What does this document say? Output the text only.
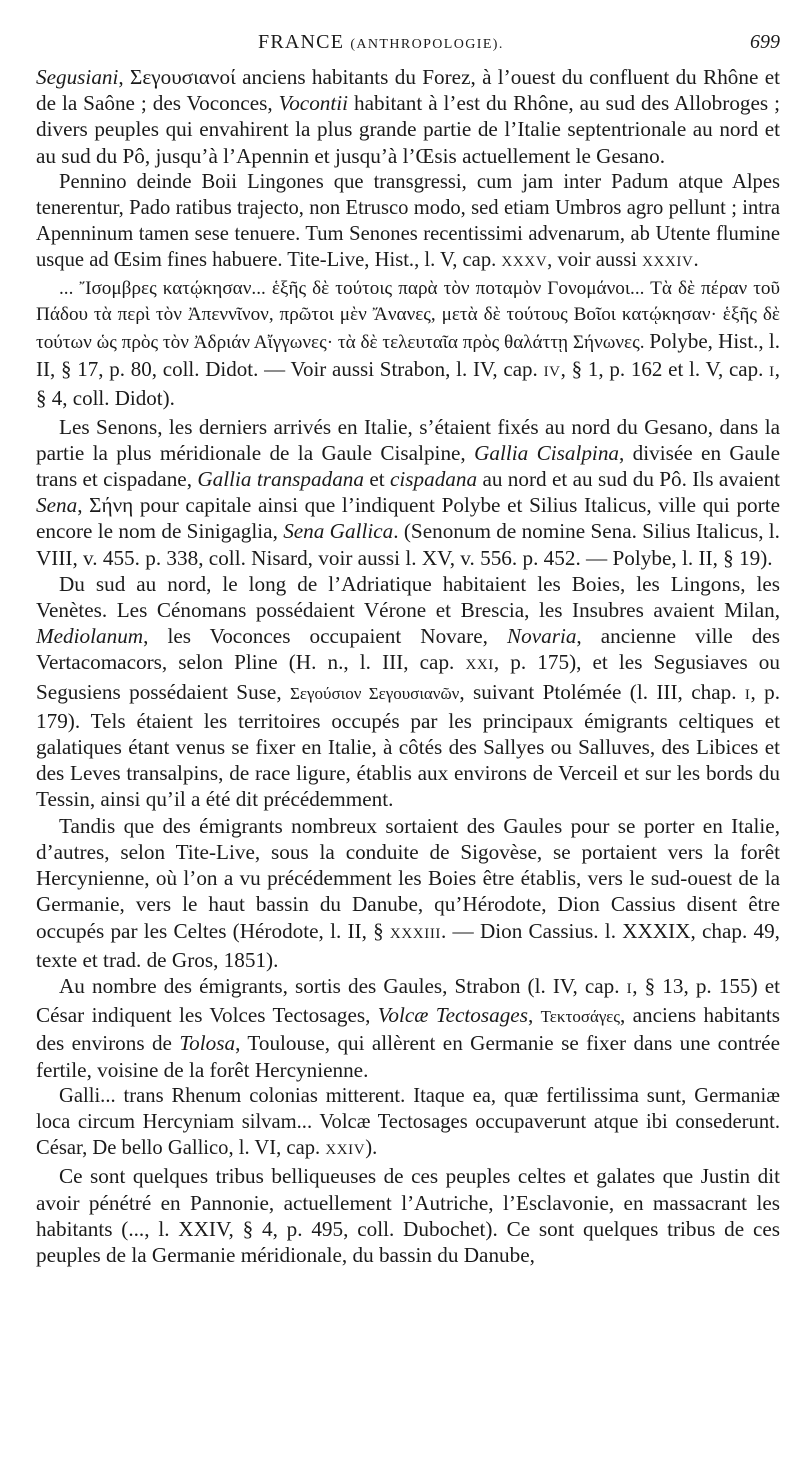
FRANCE (ANTHROPOLOGIE).	699

Segusiani, Σεγουσιανοί anciens habitants du Forez, à l’ouest du confluent du Rhône et de la Saône ; des Voconces, Vocontii habitant à l’est du Rhône, au sud des Allobroges ; divers peuples qui envahirent la plus grande partie de l’Italie septentrionale au nord et au sud du Pô, jusqu’à l’Apennin et jusqu’à l’Œsis actuellement le Gesano.

Pennino deinde Boii Lingones que transgressi, cum jam inter Padum atque Alpes tenerentur, Pado ratibus trajecto, non Etrusco modo, sed etiam Umbros agro pellunt ; intra Apenninum tamen sese tenuere. Tum Senones recentissimi advenarum, ab Utente flumine usque ad Œsim fines habuere. Tite-Live, Hist., l. V, cap. XXXV, voir aussi XXXIV.

... Ἴσομβρες κατῴκησαν... ἑξῆς δὲ τούτοις παρὰ τὸν ποταμὸν Γονομάνοι... Τὰ δὲ πέραν τοῦ Πάδου τὰ περὶ τὸν Ἀπεννῖνον, πρῶτοι μὲν Ἄνανες, μετὰ δὲ τούτους Βοῖοι κατῴκησαν· ἑξῆς δὲ τούτων ὡς πρὸς τὸν Ἀδριάν Αἴγγωνες· τὰ δὲ τελευταῖα πρὸς θαλάττῃ Σήνωνες. Polybe, Hist., l. II, § 17, p. 80, coll. Didot. — Voir aussi Strabon, l. IV, cap. IV, § 1, p. 162 et l. V, cap. I, § 4, coll. Didot).

Les Senons, les derniers arrivés en Italie, s’étaient fixés au nord du Gesano, dans la partie la plus méridionale de la Gaule Cisalpine, Gallia Cisalpina, divisée en Gaule trans et cispadane, Gallia transpadana et cispadana au nord et au sud du Pô. Ils avaient Sena, Σήνη pour capitale ainsi que l’indiquent Polybe et Silius Italicus, ville qui porte encore le nom de Sinigaglia, Sena Gallica. (Senonum de nomine Sena. Silius Italicus, l. VIII, v. 455. p. 338, coll. Nisard, voir aussi l. XV, v. 556. p. 452. — Polybe, l. II, § 19).

Du sud au nord, le long de l’Adriatique habitaient les Boies, les Lingons, les Venètes. Les Cénomans possédaient Vérone et Brescia, les Insubres avaient Milan, Mediolanum, les Voconces occupaient Novare, Novaria, ancienne ville des Vertacomacors, selon Pline (H. n., l. III, cap. XXI, p. 175), et les Segusiaves ou Segusiens possédaient Suse, Σεγούσιον Σεγουσιανῶν, suivant Ptolémée (l. III, chap. I, p. 179). Tels étaient les territoires occupés par les principaux émigrants celtiques et galatiques étant venus se fixer en Italie, à côtés des Sallyes ou Salluves, des Libices et des Leves transalpins, de race ligure, établis aux environs de Verceil et sur les bords du Tessin, ainsi qu’il a été dit précédemment.

Tandis que des émigrants nombreux sortaient des Gaules pour se porter en Italie, d’autres, selon Tite-Live, sous la conduite de Sigovèse, se portaient vers la forêt Hercynienne, où l’on a vu précédemment les Boies être établis, vers le sud-ouest de la Germanie, vers le haut bassin du Danube, qu’Hérodote, Dion Cassius disent être occupés par les Celtes (Hérodote, l. II, § XXXIII. — Dion Cassius. l. XXXIX, chap. 49, texte et trad. de Gros, 1851).

Au nombre des émigrants, sortis des Gaules, Strabon (l. IV, cap. I, § 13, p. 155) et César indiquent les Volces Tectosages, Volcæ Tectosages, Τεκτοσάγες, anciens habitants des environs de Tolosa, Toulouse, qui allèrent en Germanie se fixer dans une contrée fertile, voisine de la forêt Hercynienne.

Galli... trans Rhenum colonias mitterent. Itaque ea, quæ fertilissima sunt, Germaniæ loca circum Hercyniam silvam... Volcæ Tectosages occupaverunt atque ibi consederunt. César, De bello Gallico, l. VI, cap. XXIV).

Ce sont quelques tribus belliqueuses de ces peuples celtes et galates que Justin dit avoir pénétré en Pannonie, actuellement l’Autriche, l’Esclavonie, en massacrant les habitants (..., l. XXIV, § 4, p. 495, coll. Dubochet). Ce sont quelques tribus de ces peuples de la Germanie méridionale, du bassin du Danube,
